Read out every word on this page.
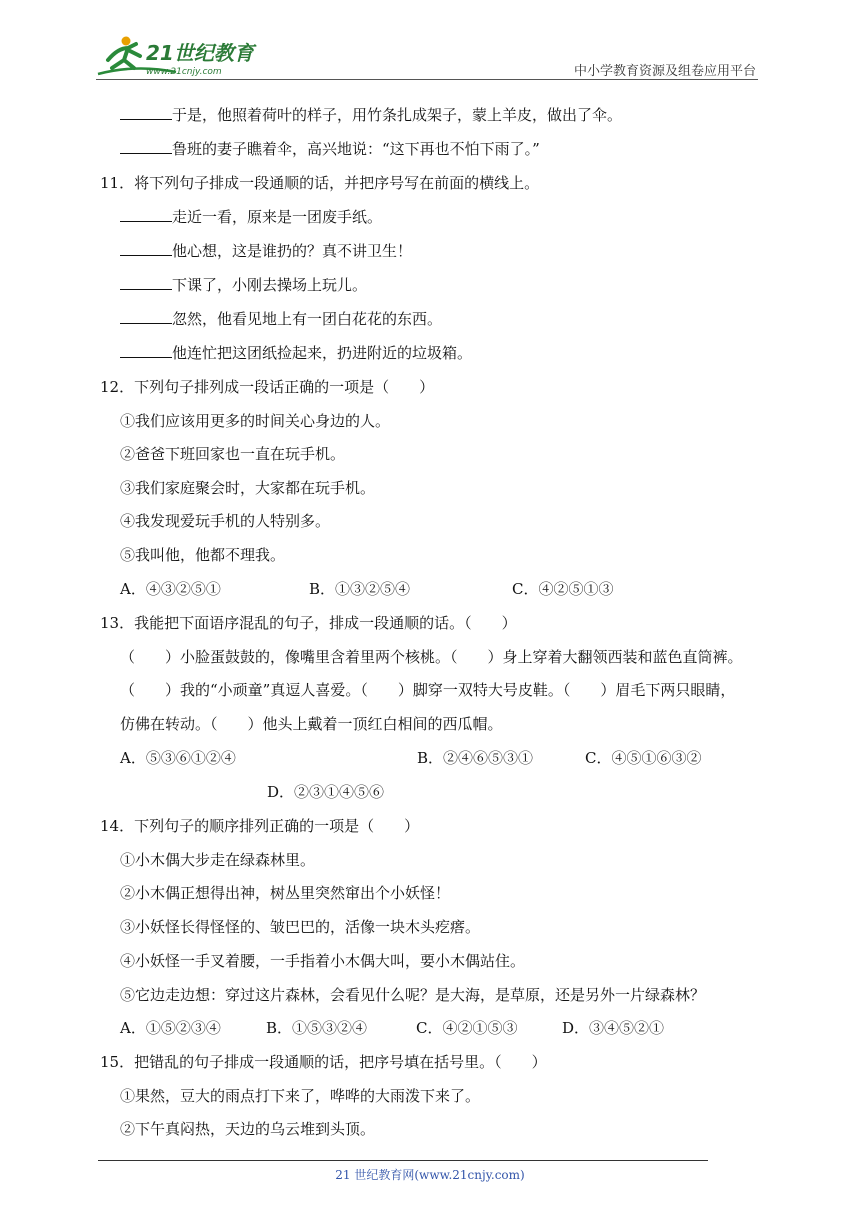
21世纪教育
www.21cnjy.com	中小学教育资源及组卷应用平台
于是，他照着荷叶的样子，用竹条扎成架子，蒙上羊皮，做出了伞。
鲁班的妻子瞧着伞，高兴地说：“这下再也不怕下雨了。”
11．将下列句子排成一段通顺的话，并把序号写在前面的横线上。
走近一看，原来是一团废手纸。
他心想，这是谁扔的？真不讲卫生！
下课了，小刚去操场上玩儿。
忽然，他看见地上有一团白花花的东西。
他连忙把这团纸捡起来，扔进附近的垃圾箱。
12．下列句子排列成一段话正确的一项是（　　）
①我们应该用更多的时间关心身边的人。
②爸爸下班回家也一直在玩手机。
③我们家庭聚会时，大家都在玩手机。
④我发现爱玩手机的人特别多。
⑤我叫他，他都不理我。
A．④③②⑤①	B．①③②⑤④	C．④②⑤①③
13．我能把下面语序混乱的句子，排成一段通顺的话。（　　）
（　　）小脸蛋鼓鼓的，像嘴里含着里两个核桃。（　　）身上穿着大翻领西装和蓝色直筒裤。
（　　）我的“小顽童”真逗人喜爱。（　　）脚穿一双特大号皮鞋。（　　）眉毛下两只眼睛，
仿佛在转动。（　　）他头上戴着一顶红白相间的西瓜帽。
A．⑤③⑥①②④	B．②④⑥⑤③①	C．④⑤①⑥③②
D．②③①④⑤⑥
14．下列句子的顺序排列正确的一项是（　　）
①小木偶大步走在绿森林里。
②小木偶正想得出神，树丛里突然窜出个小妖怪！
③小妖怪长得怪怪的、皱巴巴的，活像一块木头疙瘩。
④小妖怪一手叉着腰，一手指着小木偶大叫，要小木偶站住。
⑤它边走边想：穿过这片森林，会看见什么呢？是大海，是草原，还是另外一片绿森林？
A．①⑤②③④	B．①⑤③②④	C．④②①⑤③	D．③④⑤②①
15．把错乱的句子排成一段通顺的话，把序号填在括号里。（　　）
①果然，豆大的雨点打下来了，哗哗的大雨泼下来了。
②下午真闷热，天边的乌云堆到头顶。
21 世纪教育网(www.21cnjy.com)
